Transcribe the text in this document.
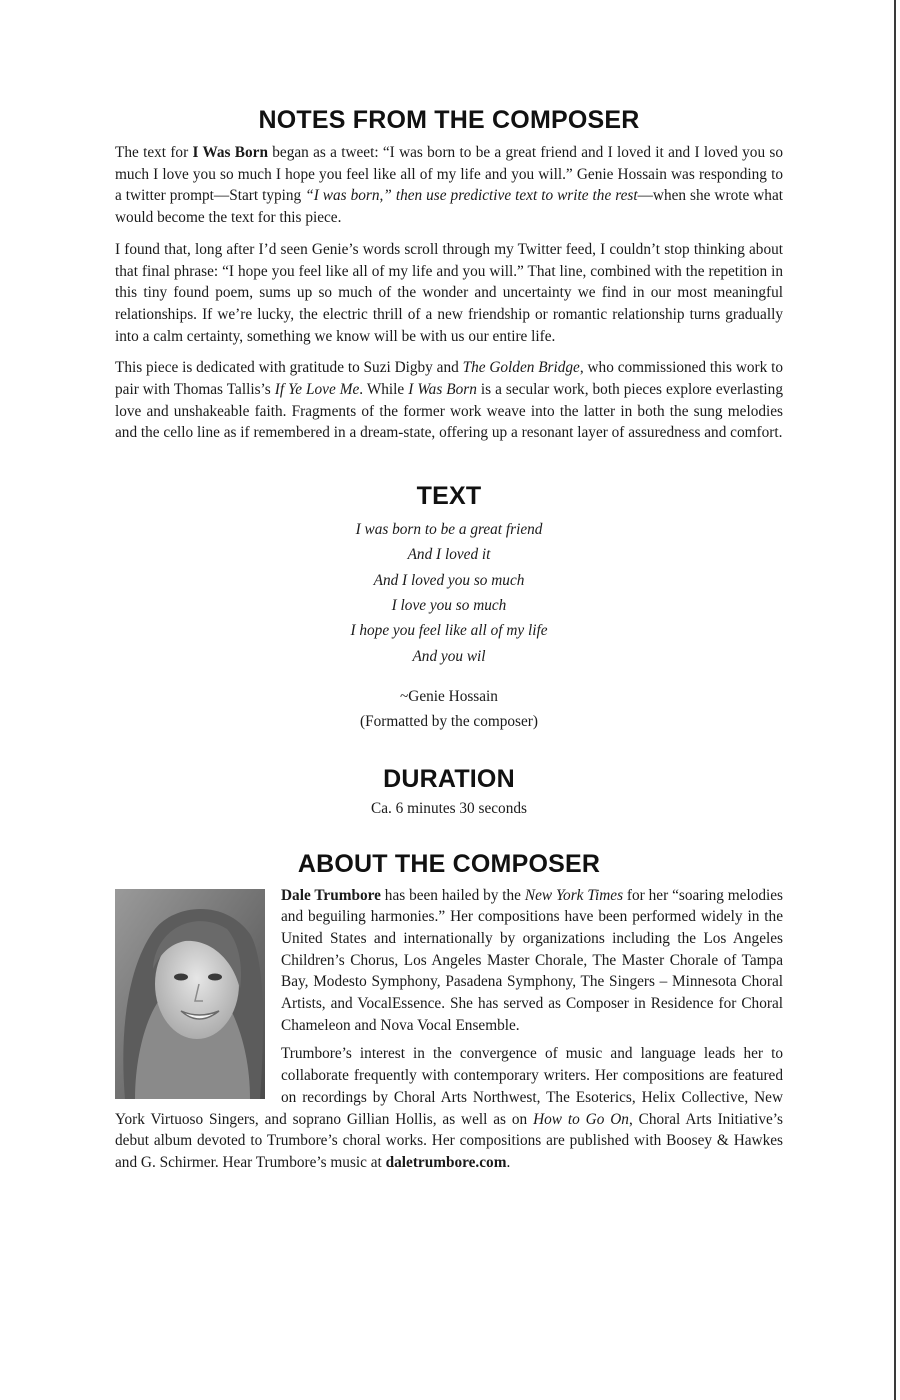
NOTES FROM THE COMPOSER

The text for I Was Born began as a tweet: “I was born to be a great friend and I loved it and I loved you so much I love you so much I hope you feel like all of my life and you will.” Genie Hossain was responding to a twitter prompt—Start typing “I was born,” then use predictive text to write the rest—when she wrote what would become the text for this piece.

I found that, long after I’d seen Genie’s words scroll through my Twitter feed, I couldn’t stop thinking about that final phrase: “I hope you feel like all of my life and you will.” That line, combined with the repetition in this tiny found poem, sums up so much of the wonder and uncertainty we find in our most meaningful relationships. If we’re lucky, the electric thrill of a new friendship or romantic relationship turns gradually into a calm certainty, something we know will be with us our entire life.

This piece is dedicated with gratitude to Suzi Digby and The Golden Bridge, who commissioned this work to pair with Thomas Tallis’s If Ye Love Me. While I Was Born is a secular work, both pieces explore everlasting love and unshakeable faith. Fragments of the former work weave into the latter in both the sung melodies and the cello line as if remembered in a dream-state, offering up a resonant layer of assuredness and comfort.

TEXT
I was born to be a great friend
And I loved it
And I loved you so much
I love you so much
I hope you feel like all of my life
And you wil
~Genie Hossain
(Formatted by the composer)
DURATION
Ca. 6 minutes 30 seconds
ABOUT THE COMPOSER

Dale Trumbore has been hailed by the New York Times for her “soaring melodies and beguiling harmonies.” Her compositions have been performed widely in the United States and internationally by organizations including the Los Angeles Children’s Chorus, Los Angeles Master Chorale, The Master Chorale of Tampa Bay, Modesto Symphony, Pasadena Symphony, The Singers – Minnesota Choral Artists, and VocalEssence. She has served as Composer in Residence for Choral Chameleon and Nova Vocal Ensemble.

Trumbore’s interest in the convergence of music and language leads her to collaborate frequently with contemporary writers. Her compositions are featured on recordings by Choral Arts Northwest, The Esoterics, Helix Collective, New York Virtuoso Singers, and soprano Gillian Hollis, as well as on How to Go On, Choral Arts Initiative’s debut album devoted to Trumbore’s choral works. Her compositions are published with Boosey & Hawkes and G. Schirmer. Hear Trumbore’s music at daletrumbore.com.
